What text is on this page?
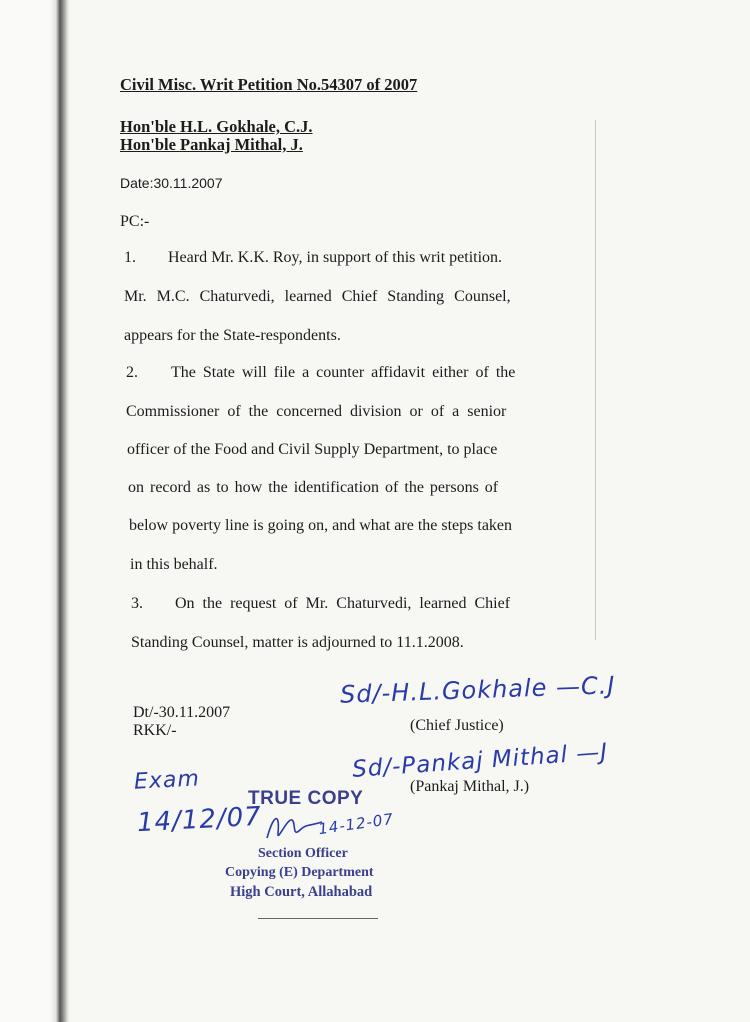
Civil Misc. Writ Petition No.54307 of 2007
Hon'ble H.L. Gokhale, C.J.
Hon'ble Pankaj Mithal, J.
Date:30.11.2007
PC:-
1. Heard Mr. K.K. Roy, in support of this writ petition.
Mr. M.C. Chaturvedi, learned Chief Standing Counsel,
appears for the State-respondents.
2. The State will file a counter affidavit either of the
Commissioner of the concerned division or of a senior
officer of the Food and Civil Supply Department, to place
on record as to how the identification of the persons of
below poverty line is going on, and what are the steps taken
in this behalf.
3. On the request of Mr. Chaturvedi, learned Chief
Standing Counsel, matter is adjourned to 11.1.2008.
Dt/-30.11.2007
RKK/-
Sd/-H.L.Gokhale —C.J
(Chief Justice)
Sd/-Pankaj Mithal —J
(Pankaj Mithal, J.)
Exam
14/12/07
TRUE COPY
14-12-07
Section Officer
Copying (E) Department
High Court, Allahabad
